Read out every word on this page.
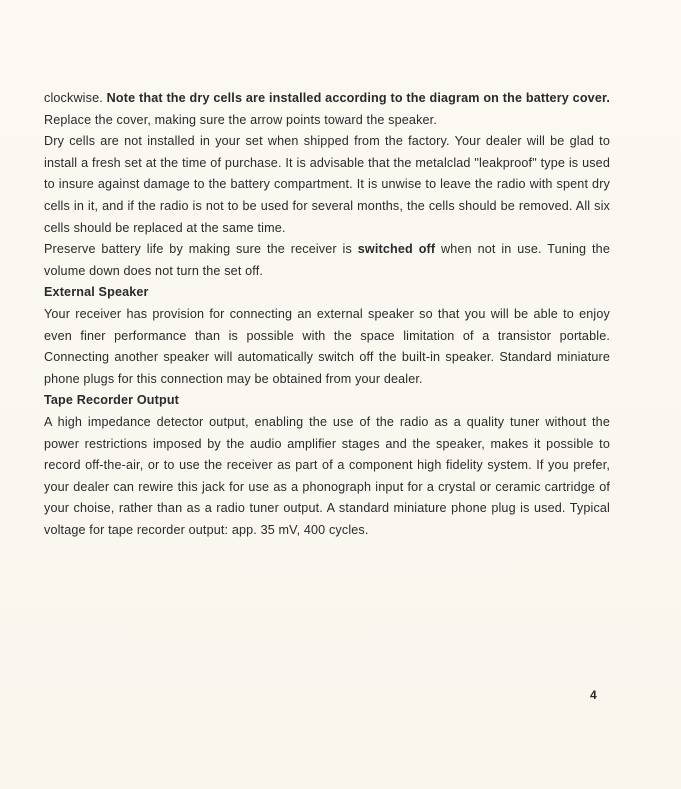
clockwise. Note that the dry cells are installed according to the diagram on the battery cover. Replace the cover, making sure the arrow points toward the speaker.

Dry cells are not installed in your set when shipped from the factory. Your dealer will be glad to install a fresh set at the time of purchase. It is advisable that the metalclad "leakproof" type is used to insure against damage to the battery compartment. It is unwise to leave the radio with spent dry cells in it, and if the radio is not to be used for several months, the cells should be removed. All six cells should be replaced at the same time.

Preserve battery life by making sure the receiver is switched off when not in use. Tuning the volume down does not turn the set off.

External Speaker

Your receiver has provision for connecting an external speaker so that you will be able to enjoy even finer performance than is possible with the space limitation of a transistor portable. Connecting another speaker will automatically switch off the built-in speaker. Standard miniature phone plugs for this connection may be obtained from your dealer.

Tape Recorder Output

A high impedance detector output, enabling the use of the radio as a quality tuner without the power restrictions imposed by the audio amplifier stages and the speaker, makes it possible to record off-the-air, or to use the receiver as part of a component high fidelity system. If you prefer, your dealer can rewire this jack for use as a phonograph input for a crystal or ceramic cartridge of your choise, rather than as a radio tuner output. A standard miniature phone plug is used. Typical voltage for tape recorder output: app. 35 mV, 400 cycles.

4
